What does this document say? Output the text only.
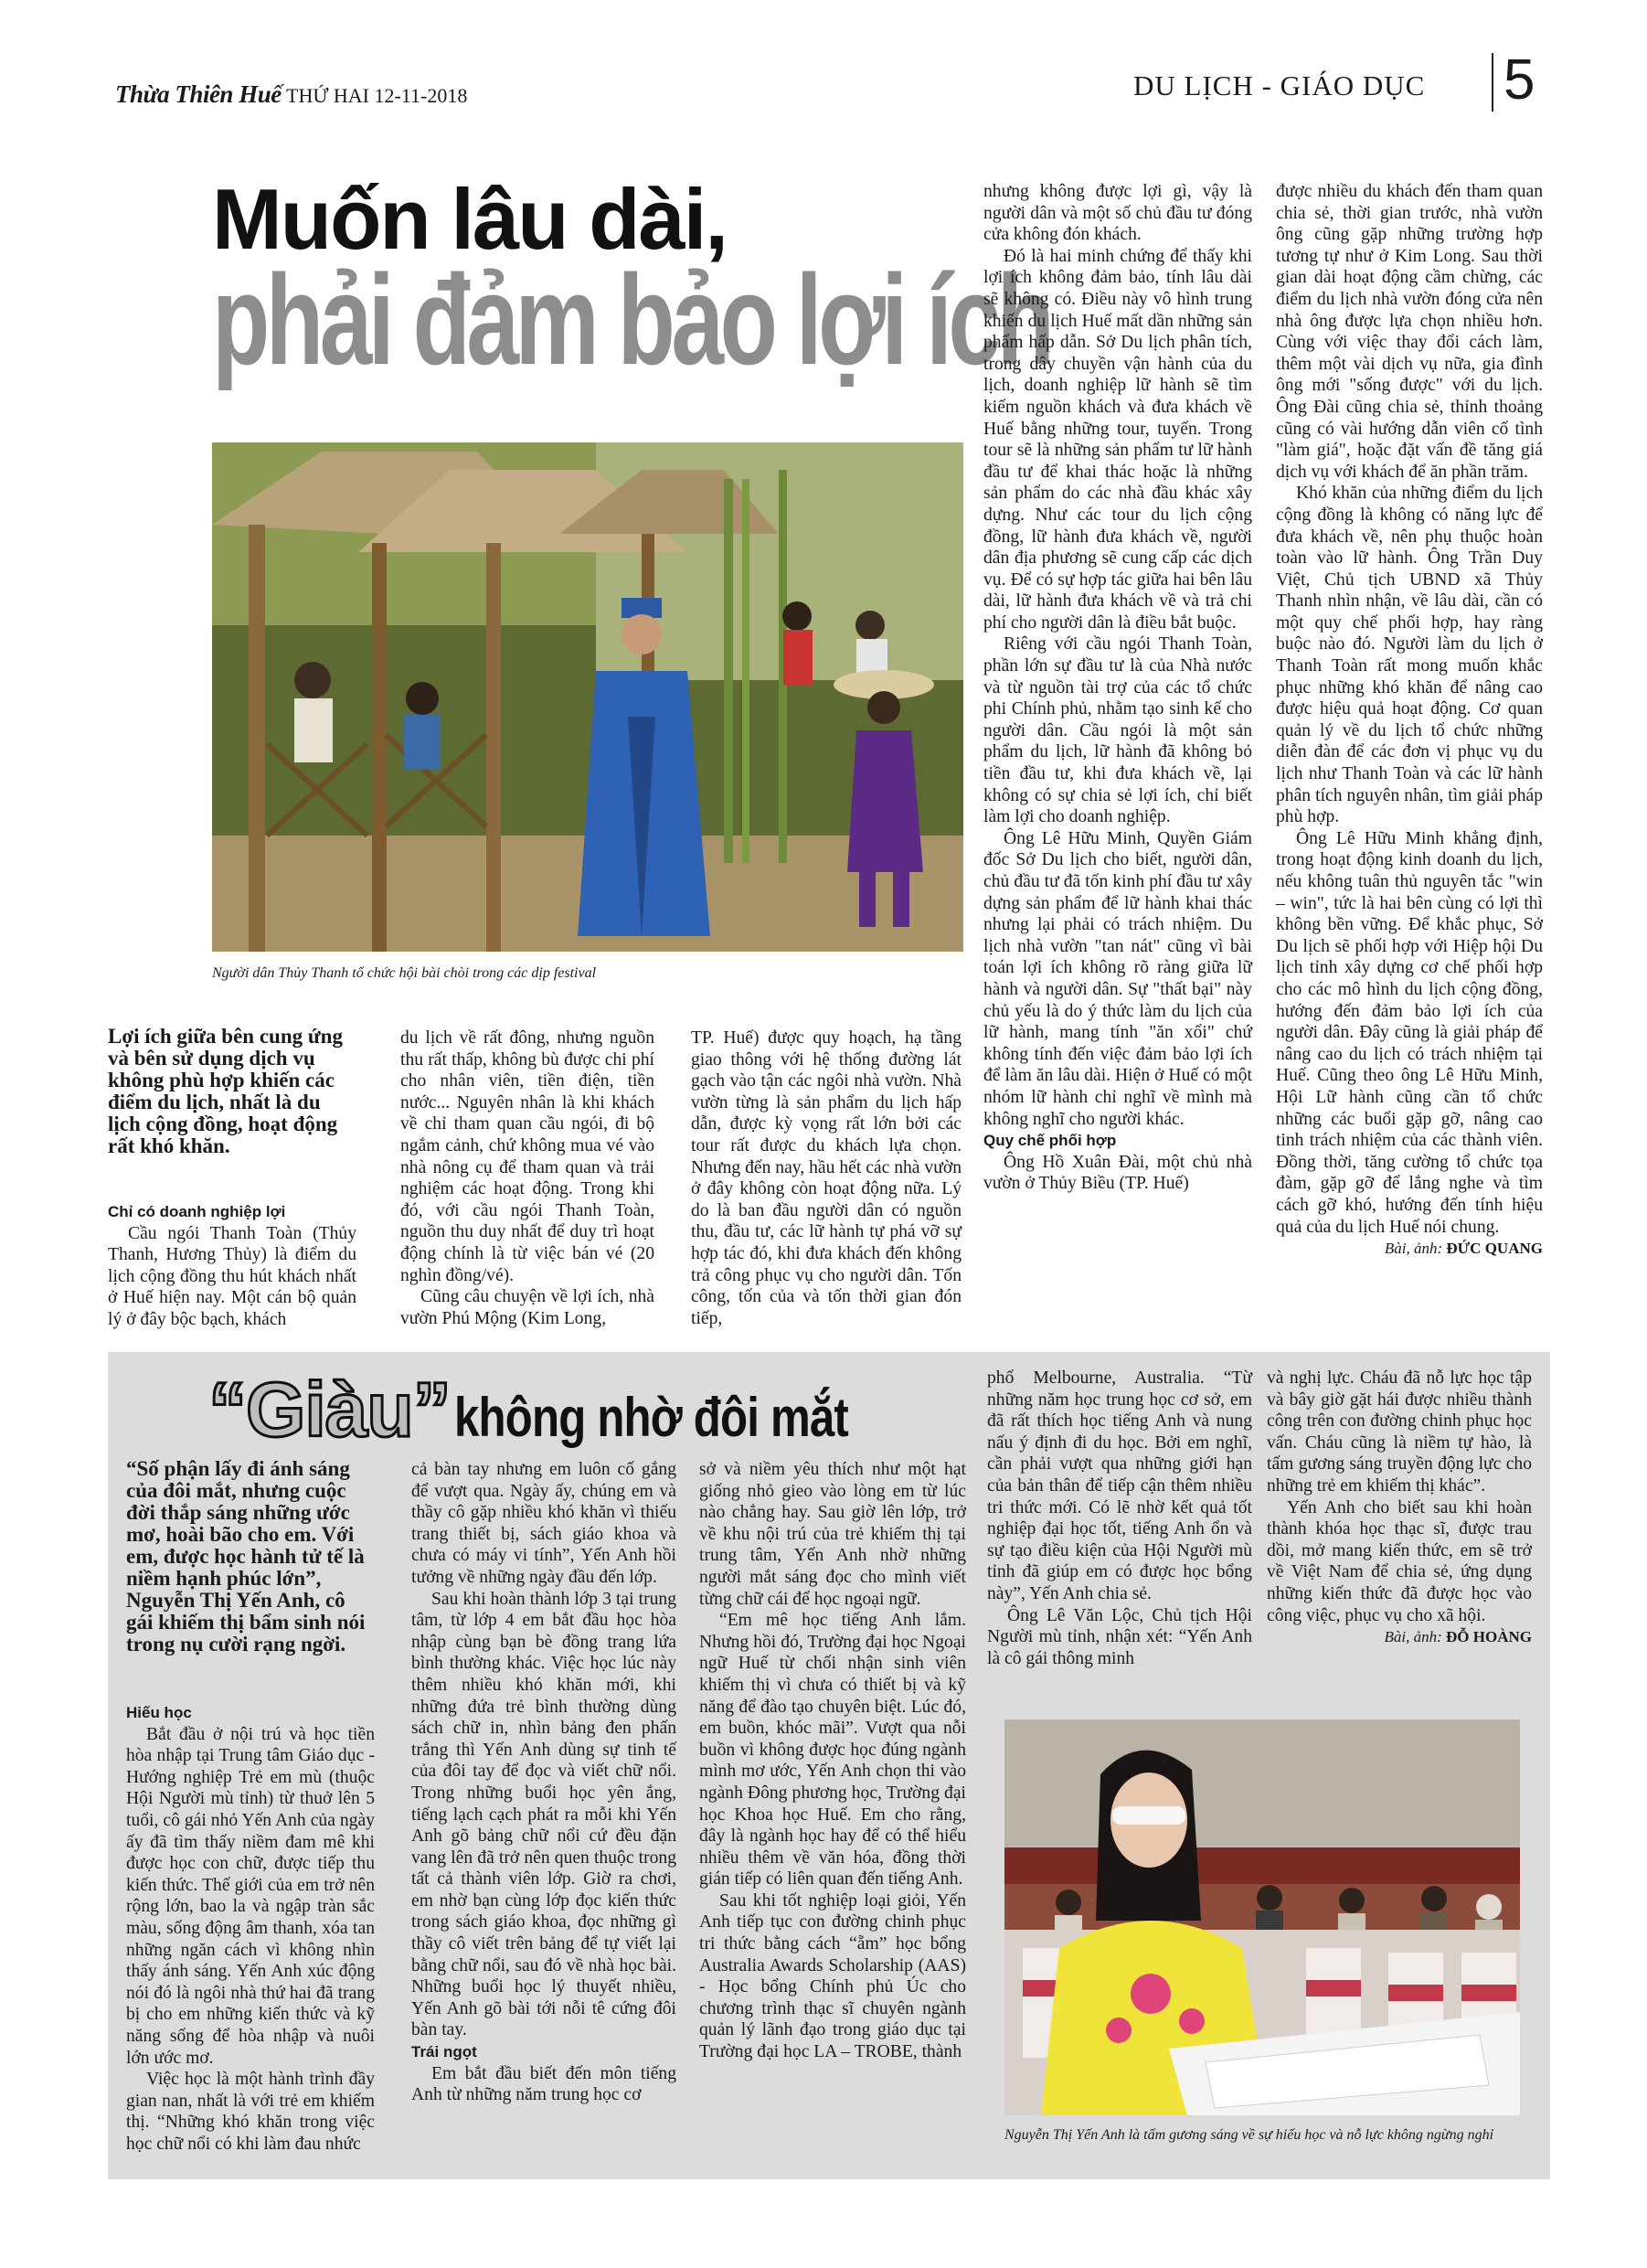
Thừa Thiên Huế THỨ HAI 12-11-2018	DU LỊCH - GIÁO DỤC 5
Muốn lâu dài,
phải đảm bảo lợi ích
Người dân Thủy Thanh tổ chức hội bài chòi trong các dịp festival
Lợi ích giữa bên cung ứng và bên sử dụng dịch vụ không phù hợp khiến các điểm du lịch, nhất là du lịch cộng đồng, hoạt động rất khó khăn.

Chỉ có doanh nghiệp lợi

Cầu ngói Thanh Toàn (Thủy Thanh, Hương Thủy) là điểm du lịch cộng đồng thu hút khách nhất ở Huế hiện nay. Một cán bộ quản lý ở đây bộc bạch, khách

du lịch về rất đông, nhưng nguồn thu rất thấp, không bù được chi phí cho nhân viên, tiền điện, tiền nước... Nguyên nhân là khi khách về chỉ tham quan cầu ngói, đi bộ ngắm cảnh, chứ không mua vé vào nhà nông cụ để tham quan và trải nghiệm các hoạt động. Trong khi đó, với cầu ngói Thanh Toàn, nguồn thu duy nhất để duy trì hoạt động chính là từ việc bán vé (20 nghìn đồng/vé).

Cũng câu chuyện về lợi ích, nhà vườn Phú Mộng (Kim Long,

TP. Huế) được quy hoạch, hạ tầng giao thông với hệ thống đường lát gạch vào tận các ngôi nhà vườn. Nhà vườn từng là sản phẩm du lịch hấp dẫn, được kỳ vọng rất lớn bởi các tour rất được du khách lựa chọn. Nhưng đến nay, hầu hết các nhà vườn ở đây không còn hoạt động nữa. Lý do là ban đầu người dân có nguồn thu, đầu tư, các lữ hành tự phá vỡ sự hợp tác đó, khi đưa khách đến không trả công phục vụ cho người dân. Tốn công, tốn của và tốn thời gian đón tiếp,

nhưng không được lợi gì, vậy là người dân và một số chủ đầu tư đóng cửa không đón khách.

Đó là hai minh chứng để thấy khi lợi ích không đảm bảo, tính lâu dài sẽ không có. Điều này vô hình trung khiến du lịch Huế mất dần những sản phẩm hấp dẫn. Sở Du lịch phân tích, trong dây chuyền vận hành của du lịch, doanh nghiệp lữ hành sẽ tìm kiếm nguồn khách và đưa khách về Huế bằng những tour, tuyến. Trong tour sẽ là những sản phẩm tư lữ hành đầu tư để khai thác hoặc là những sản phẩm do các nhà đầu khác xây dựng. Như các tour du lịch cộng đồng, lữ hành đưa khách về, người dân địa phương sẽ cung cấp các dịch vụ. Để có sự hợp tác giữa hai bên lâu dài, lữ hành đưa khách về và trả chi phí cho người dân là điều bắt buộc.

Riêng với cầu ngói Thanh Toàn, phần lớn sự đầu tư là của Nhà nước và từ nguồn tài trợ của các tổ chức phi Chính phủ, nhằm tạo sinh kế cho người dân. Cầu ngói là một sản phẩm du lịch, lữ hành đã không bỏ tiền đầu tư, khi đưa khách về, lại không có sự chia sẻ lợi ích, chỉ biết làm lợi cho doanh nghiệp.

Ông Lê Hữu Minh, Quyền Giám đốc Sở Du lịch cho biết, người dân, chủ đầu tư đã tốn kinh phí đầu tư xây dựng sản phẩm để lữ hành khai thác nhưng lại phải có trách nhiệm. Du lịch nhà vườn "tan nát" cũng vì bài toán lợi ích không rõ ràng giữa lữ hành và người dân. Sự "thất bại" này chủ yếu là do ý thức làm du lịch của lữ hành, mang tính "ăn xổi" chứ không tính đến việc đảm bảo lợi ích để làm ăn lâu dài. Hiện ở Huế có một nhóm lữ hành chỉ nghĩ về mình mà không nghĩ cho người khác.

Quy chế phối hợp

Ông Hồ Xuân Đài, một chủ nhà vườn ở Thủy Biều (TP. Huế)

được nhiều du khách đến tham quan chia sẻ, thời gian trước, nhà vườn ông cũng gặp những trường hợp tương tự như ở Kim Long. Sau thời gian dài hoạt động cầm chừng, các điểm du lịch nhà vườn đóng cửa nên nhà ông được lựa chọn nhiều hơn. Cùng với việc thay đổi cách làm, thêm một vài dịch vụ nữa, gia đình ông mới "sống được" với du lịch. Ông Đài cũng chia sẻ, thỉnh thoảng cũng có vài hướng dẫn viên cố tình "làm giá", hoặc đặt vấn đề tăng giá dịch vụ với khách để ăn phần trăm.

Khó khăn của những điểm du lịch cộng đồng là không có năng lực để đưa khách về, nên phụ thuộc hoàn toàn vào lữ hành. Ông Trần Duy Việt, Chủ tịch UBND xã Thủy Thanh nhìn nhận, về lâu dài, cần có một quy chế phối hợp, hay ràng buộc nào đó. Người làm du lịch ở Thanh Toàn rất mong muốn khắc phục những khó khăn để nâng cao được hiệu quả hoạt động. Cơ quan quản lý về du lịch tổ chức những diễn đàn để các đơn vị phục vụ du lịch như Thanh Toàn và các lữ hành phân tích nguyên nhân, tìm giải pháp phù hợp.

Ông Lê Hữu Minh khẳng định, trong hoạt động kinh doanh du lịch, nếu không tuân thủ nguyên tắc "win – win", tức là hai bên cùng có lợi thì không bền vững. Để khắc phục, Sở Du lịch sẽ phối hợp với Hiệp hội Du lịch tỉnh xây dựng cơ chế phối hợp cho các mô hình du lịch cộng đồng, hướng đến đảm bảo lợi ích của người dân. Đây cũng là giải pháp để nâng cao du lịch có trách nhiệm tại Huế. Cũng theo ông Lê Hữu Minh, Hội Lữ hành cũng cần tổ chức những các buổi gặp gỡ, nâng cao tinh trách nhiệm của các thành viên. Đồng thời, tăng cường tổ chức tọa đàm, gặp gỡ để lắng nghe và tìm cách gỡ khó, hướng đến tính hiệu quả của du lịch Huế nói chung.

Bài, ảnh: ĐỨC QUANG
“Giàu” không nhờ đôi mắt
“Số phận lấy đi ánh sáng của đôi mắt, nhưng cuộc đời thắp sáng những ước mơ, hoài bão cho em. Với em, được học hành tử tế là niềm hạnh phúc lớn”, Nguyễn Thị Yến Anh, cô gái khiếm thị bẩm sinh nói trong nụ cười rạng ngời.

Hiếu học

Bắt đầu ở nội trú và học tiền hòa nhập tại Trung tâm Giáo dục - Hướng nghiệp Trẻ em mù (thuộc Hội Người mù tỉnh) từ thuở lên 5 tuổi, cô gái nhỏ Yến Anh của ngày ấy đã tìm thấy niềm đam mê khi được học con chữ, được tiếp thu kiến thức. Thế giới của em trở nên rộng lớn, bao la và ngập tràn sắc màu, sống động âm thanh, xóa tan những ngăn cách vì không nhìn thấy ánh sáng. Yến Anh xúc động nói đó là ngôi nhà thứ hai đã trang bị cho em những kiến thức và kỹ năng sống để hòa nhập và nuôi lớn ước mơ.

Việc học là một hành trình đầy gian nan, nhất là với trẻ em khiếm thị. “Những khó khăn trong việc học chữ nổi có khi làm đau nhức

cả bàn tay nhưng em luôn cố gắng để vượt qua. Ngày ấy, chúng em và thầy cô gặp nhiều khó khăn vì thiếu trang thiết bị, sách giáo khoa và chưa có máy vi tính”, Yến Anh hồi tưởng về những ngày đầu đến lớp.

Sau khi hoàn thành lớp 3 tại trung tâm, từ lớp 4 em bắt đầu học hòa nhập cùng bạn bè đồng trang lứa bình thường khác. Việc học lúc này thêm nhiều khó khăn mới, khi những đứa trẻ bình thường dùng sách chữ in, nhìn bảng đen phấn trắng thì Yến Anh dùng sự tinh tế của đôi tay để đọc và viết chữ nổi. Trong những buổi học yên ắng, tiếng lạch cạch phát ra mỗi khi Yến Anh gõ bảng chữ nổi cứ đều đặn vang lên đã trở nên quen thuộc trong tất cả thành viên lớp. Giờ ra chơi, em nhờ bạn cùng lớp đọc kiến thức trong sách giáo khoa, đọc những gì thầy cô viết trên bảng để tự viết lại bằng chữ nổi, sau đó về nhà học bài. Những buổi học lý thuyết nhiều, Yến Anh gõ bài tới nỗi tê cứng đôi bàn tay.

Trái ngọt

Em bắt đầu biết đến môn tiếng Anh từ những năm trung học cơ

sở và niềm yêu thích như một hạt giống nhỏ gieo vào lòng em từ lúc nào chẳng hay. Sau giờ lên lớp, trở về khu nội trú của trẻ khiếm thị tại trung tâm, Yến Anh nhờ những người mắt sáng đọc cho mình viết từng chữ cái để học ngoại ngữ.

“Em mê học tiếng Anh lắm. Nhưng hồi đó, Trường đại học Ngoại ngữ Huế từ chối nhận sinh viên khiếm thị vì chưa có thiết bị và kỹ năng để đào tạo chuyên biệt. Lúc đó, em buồn, khóc mãi”. Vượt qua nỗi buồn vì không được học đúng ngành mình mơ ước, Yến Anh chọn thi vào ngành Đông phương học, Trường đại học Khoa học Huế. Em cho rằng, đây là ngành học hay để có thể hiểu nhiều thêm về văn hóa, đồng thời gián tiếp có liên quan đến tiếng Anh.

Sau khi tốt nghiệp loại giỏi, Yến Anh tiếp tục con đường chinh phục tri thức bằng cách “ẵm” học bổng Australia Awards Scholarship (AAS) - Học bổng Chính phủ Úc cho chương trình thạc sĩ chuyên ngành quản lý lãnh đạo trong giáo dục tại Trường đại học LA – TROBE, thành

phố Melbourne, Australia. “Từ những năm học trung học cơ sở, em đã rất thích học tiếng Anh và nung nấu ý định đi du học. Bởi em nghĩ, cần phải vượt qua những giới hạn của bản thân để tiếp cận thêm nhiều tri thức mới. Có lẽ nhờ kết quả tốt nghiệp đại học tốt, tiếng Anh ổn và sự tạo điều kiện của Hội Người mù tỉnh đã giúp em có được học bổng này”, Yến Anh chia sẻ.

Ông Lê Văn Lộc, Chủ tịch Hội Người mù tỉnh, nhận xét: “Yến Anh là cô gái thông minh

và nghị lực. Cháu đã nỗ lực học tập và bây giờ gặt hái được nhiều thành công trên con đường chinh phục học vấn. Cháu cũng là niềm tự hào, là tấm gương sáng truyền động lực cho những trẻ em khiếm thị khác”.

Yến Anh cho biết sau khi hoàn thành khóa học thạc sĩ, được trau dồi, mở mang kiến thức, em sẽ trở về Việt Nam để chia sẻ, ứng dụng những kiến thức đã được học vào công việc, phục vụ cho xã hội.

Bài, ảnh: ĐỖ HOÀNG
Nguyễn Thị Yến Anh là tấm gương sáng về sự hiếu học và nỗ lực không ngừng nghỉ
